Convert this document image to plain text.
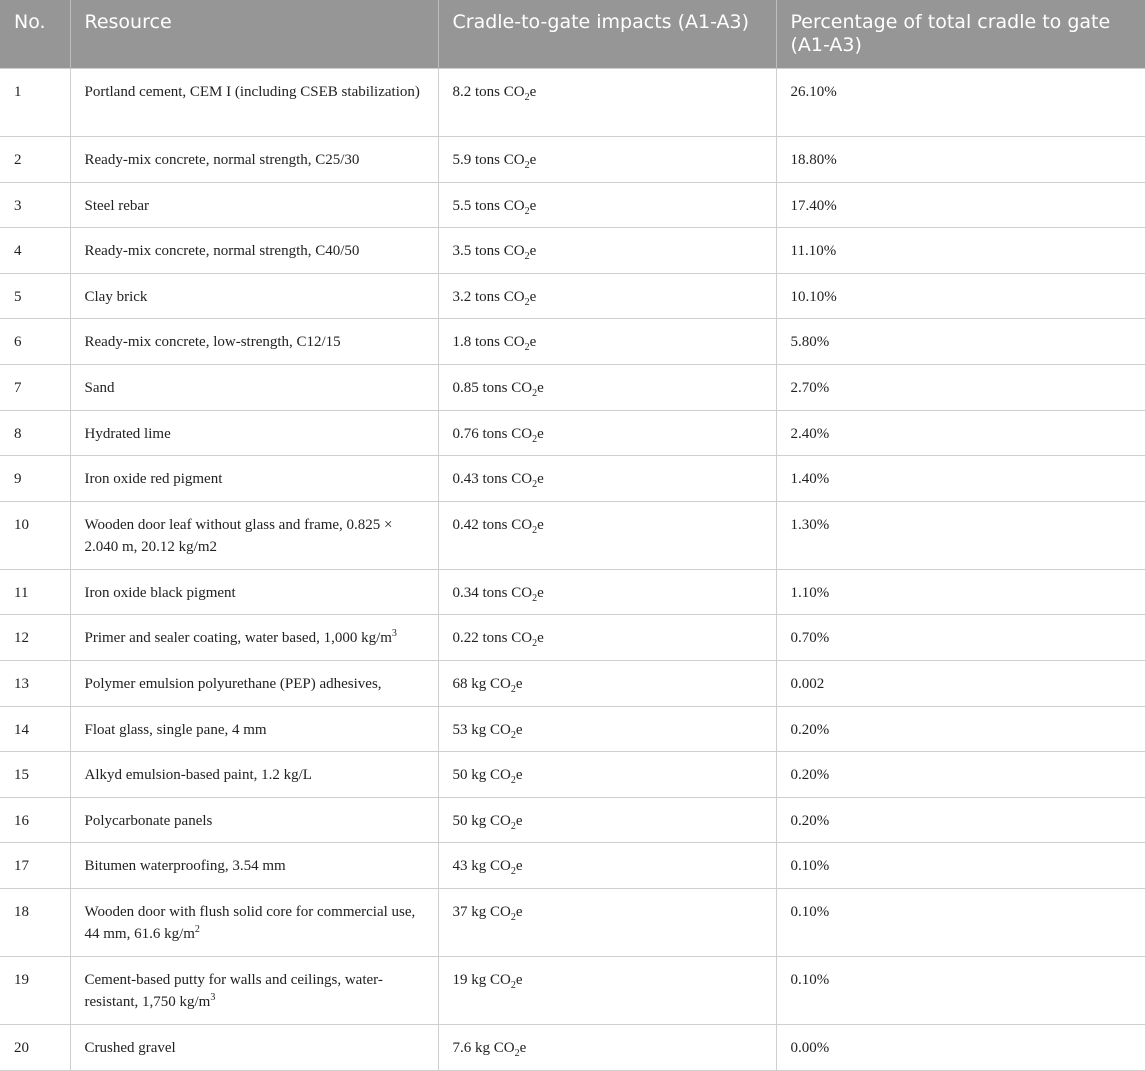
No.	Resource	Cradle-to-gate impacts (A1-A3)	Percentage of total cradle to gate (A1-A3)
1	Portland cement, CEM I (including CSEB stabilization)	8.2 tons $CO_2e$	26.10%
2	Ready-mix concrete, normal strength, C25/30	5.9 tons $CO_2e$	18.80%
3	Steel rebar	5.5 tons $CO_2e$	17.40%
4	Ready-mix concrete, normal strength, C40/50	3.5 tons $CO_2e$	11.10%
5	Clay brick	3.2 tons $CO_2e$	10.10%
6	Ready-mix concrete, low-strength, C12/15	1.8 tons $CO_2e$	5.80%
7	Sand	0.85 tons $CO_2e$	2.70%
8	Hydrated lime	0.76 tons $CO_2e$	2.40%
9	Iron oxide red pigment	0.43 tons $CO_2e$	1.40%
10	Wooden door leaf without glass and frame, 0.825 × 2.040 m, 20.12 kg/m2	0.42 tons $CO_2e$	1.30%
11	Iron oxide black pigment	0.34 tons $CO_2e$	1.10%
12	Primer and sealer coating, water based, 1,000 $kg/m^3$	0.22 tons $CO_2e$	0.70%
13	Polymer emulsion polyurethane (PEP) adhesives,	68 kg $CO_2e$	0.002
14	Float glass, single pane, 4 mm	53 kg $CO_2e$	0.20%
15	Alkyd emulsion-based paint, 1.2 kg/L	50 kg $CO_2e$	0.20%
16	Polycarbonate panels	50 kg $CO_2e$	0.20%
17	Bitumen waterproofing, 3.54 mm	43 kg $CO_2e$	0.10%
18	Wooden door with flush solid core for commercial use, 44 mm, 61.6 $kg/m^2$	37 kg $CO_2e$	0.10%
19	Cement-based putty for walls and ceilings, water-resistant, 1,750 $kg/m^3$	19 kg $CO_2e$	0.10%
20	Crushed gravel	7.6 kg $CO_2e$	0.00%
